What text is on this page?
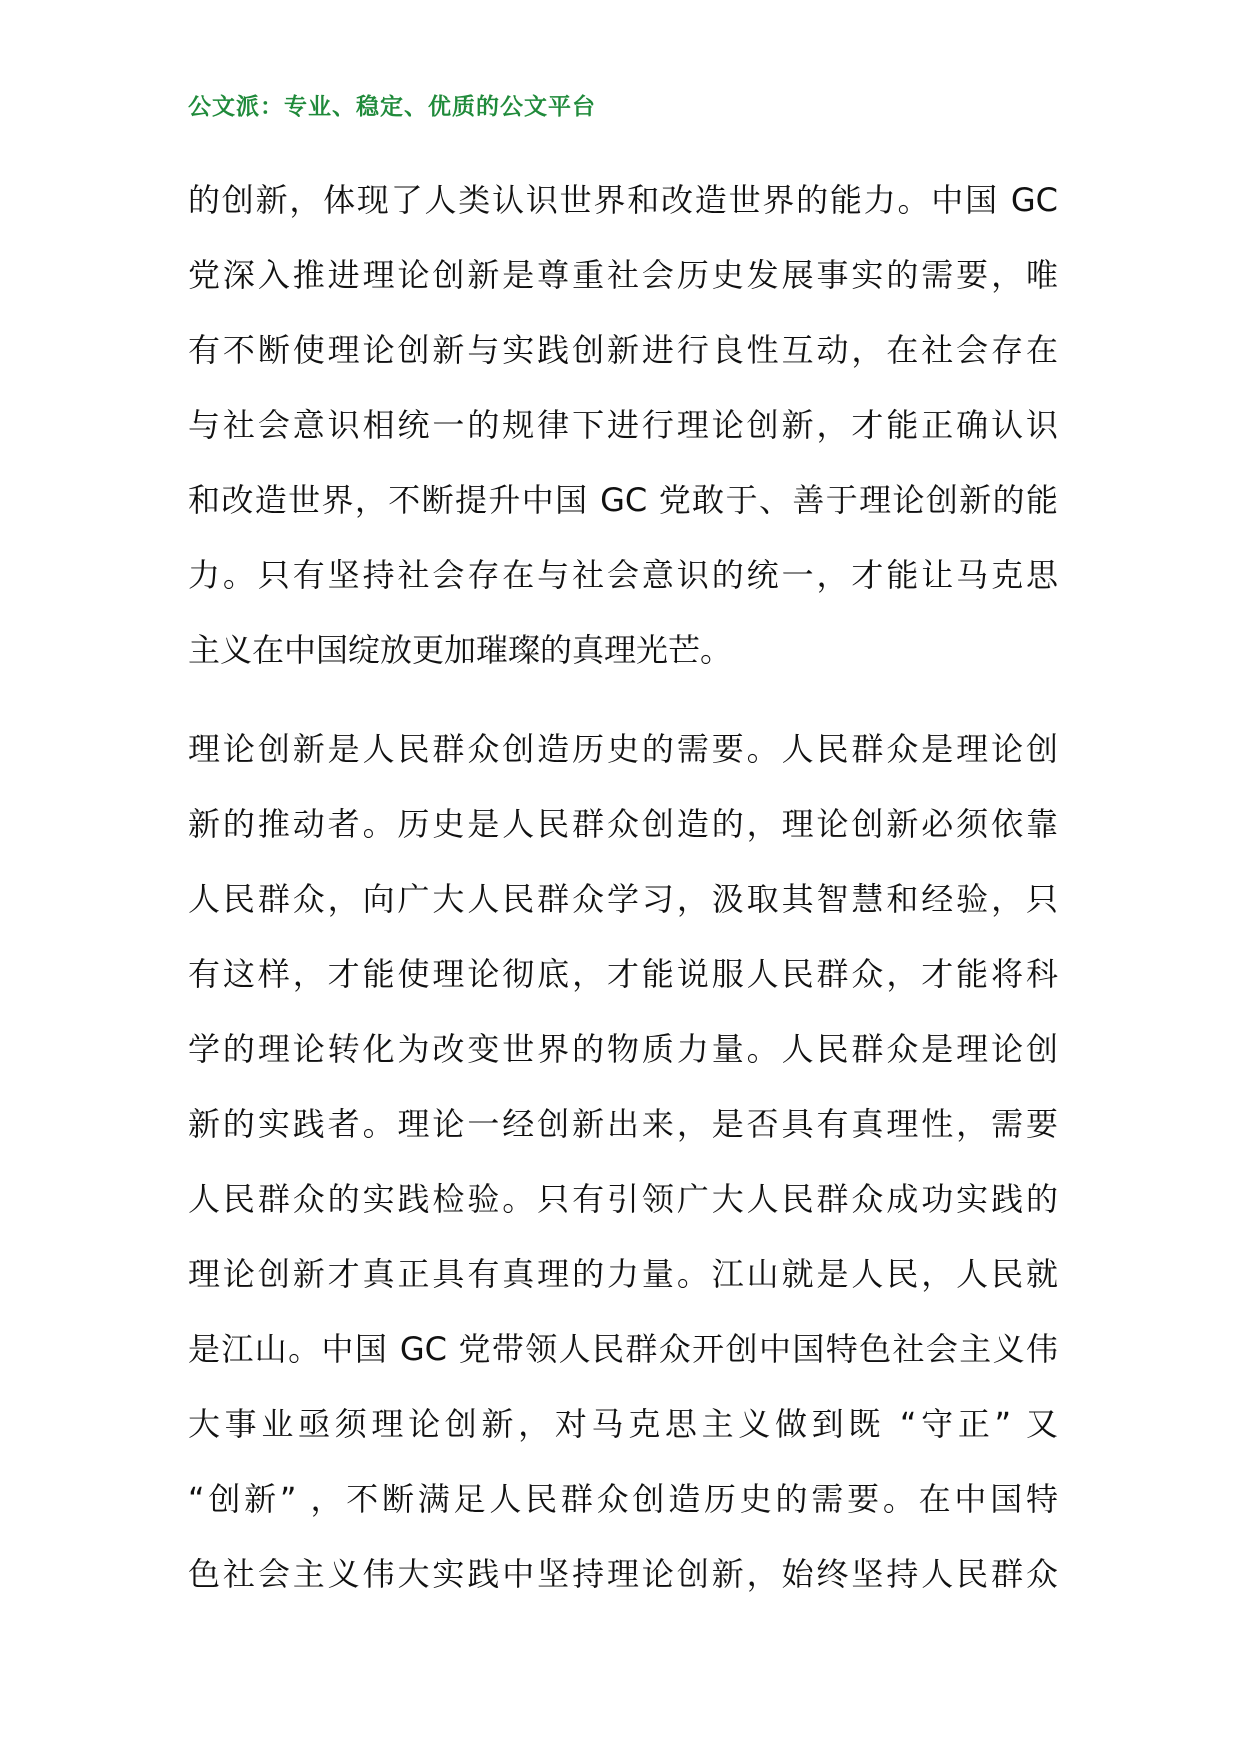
公文派：专业、稳定、优质的公文平台
的创新，体现了人类认识世界和改造世界的能力。中国 GC
党深入推进理论创新是尊重社会历史发展事实的需要，唯
有不断使理论创新与实践创新进行良性互动，在社会存在
与社会意识相统一的规律下进行理论创新，才能正确认识
和改造世界，不断提升中国 GC 党敢于、善于理论创新的能
力。只有坚持社会存在与社会意识的统一，才能让马克思
主义在中国绽放更加璀璨的真理光芒。
理论创新是人民群众创造历史的需要。人民群众是理论创
新的推动者。历史是人民群众创造的，理论创新必须依靠
人民群众，向广大人民群众学习，汲取其智慧和经验，只
有这样，才能使理论彻底，才能说服人民群众，才能将科
学的理论转化为改变世界的物质力量。人民群众是理论创
新的实践者。理论一经创新出来，是否具有真理性，需要
人民群众的实践检验。只有引领广大人民群众成功实践的
理论创新才真正具有真理的力量。江山就是人民，人民就
是江山。中国 GC 党带领人民群众开创中国特色社会主义伟
大事业亟须理论创新，对马克思主义做到既 “守正” 又
“创新” ，不断满足人民群众创造历史的需要。在中国特
色社会主义伟大实践中坚持理论创新，始终坚持人民群众
